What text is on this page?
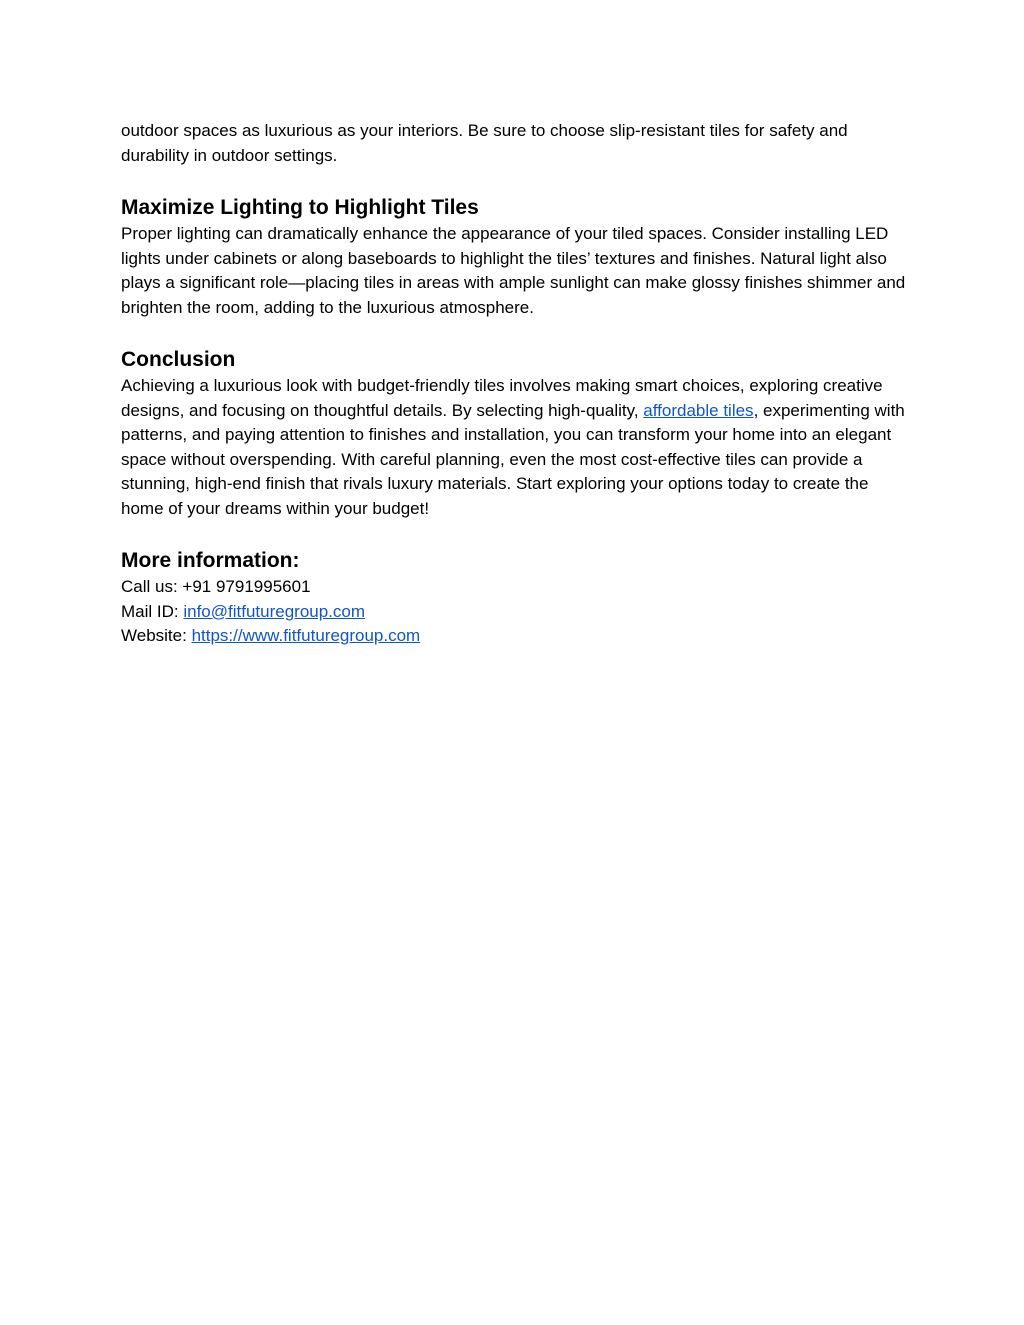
outdoor spaces as luxurious as your interiors. Be sure to choose slip-resistant tiles for safety and durability in outdoor settings.

Maximize Lighting to Highlight Tiles

Proper lighting can dramatically enhance the appearance of your tiled spaces. Consider installing LED lights under cabinets or along baseboards to highlight the tiles’ textures and finishes. Natural light also plays a significant role—placing tiles in areas with ample sunlight can make glossy finishes shimmer and brighten the room, adding to the luxurious atmosphere.

Conclusion

Achieving a luxurious look with budget-friendly tiles involves making smart choices, exploring creative designs, and focusing on thoughtful details. By selecting high-quality, affordable tiles, experimenting with patterns, and paying attention to finishes and installation, you can transform your home into an elegant space without overspending. With careful planning, even the most cost-effective tiles can provide a stunning, high-end finish that rivals luxury materials. Start exploring your options today to create the home of your dreams within your budget!

More information:

Call us: +91 9791995601

Mail ID: info@fitfuturegroup.com

Website: https://www.fitfuturegroup.com
